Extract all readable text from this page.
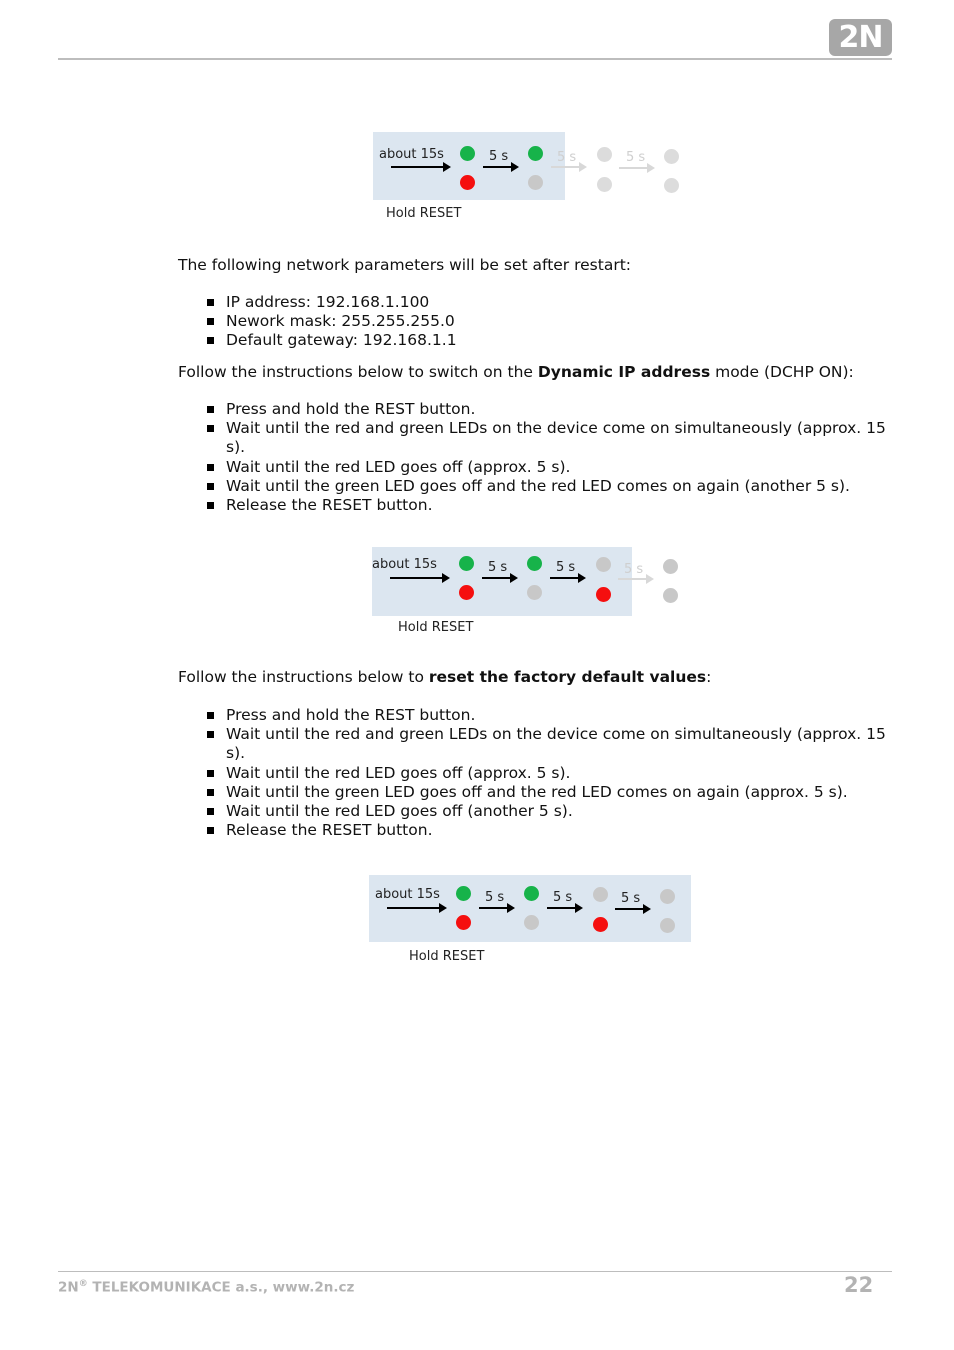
2N
about 15s	5 s	5 s	5 s
Hold RESET
The following network parameters will be set after restart:
IP address: 192.168.1.100
Nework mask: 255.255.255.0
Default gateway: 192.168.1.1
Follow the instructions below to switch on the Dynamic IP address mode (DCHP ON):
Press and hold the REST button.
Wait until the red and green LEDs on the device come on simultaneously (approx. 15 s).
Wait until the red LED goes off (approx. 5 s).
Wait until the green LED goes off and the red LED comes on again (another 5 s).
Release the RESET button.
about 15s	5 s	5 s	5 s
Hold RESET
Follow the instructions below to reset the factory default values:
Press and hold the REST button.
Wait until the red and green LEDs on the device come on simultaneously (approx. 15 s).
Wait until the red LED goes off (approx. 5 s).
Wait until the green LED goes off and the red LED comes on again (approx. 5 s).
Wait until the red LED goes off (another 5 s).
Release the RESET button.
about 15s	5 s	5 s	5 s
Hold RESET
2N® TELEKOMUNIKACE a.s., www.2n.cz	22
